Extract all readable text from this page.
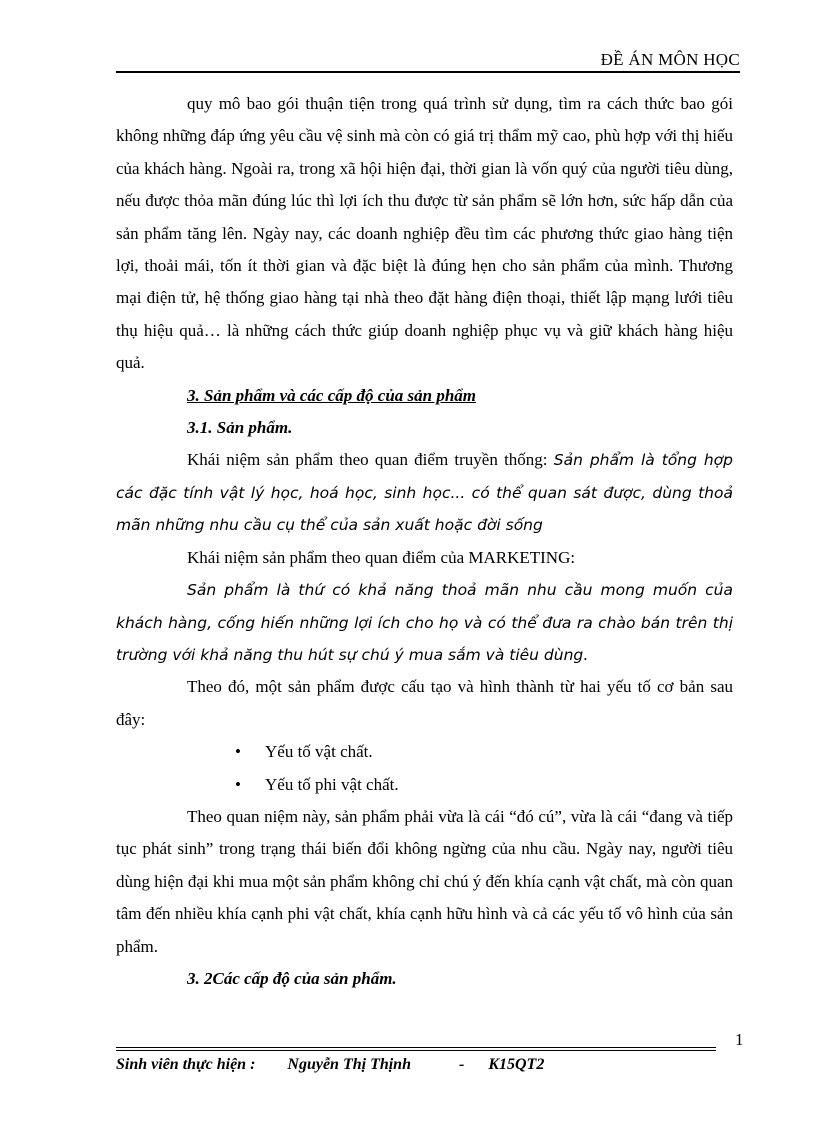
ĐỀ ÁN MÔN HỌC

quy mô bao gói thuận tiện trong quá trình sử dụng, tìm ra cách thức bao gói không những đáp ứng yêu cầu vệ sinh mà còn có giá trị thẩm mỹ cao, phù hợp với thị hiếu của khách hàng. Ngoài ra, trong xã hội hiện đại, thời gian là vốn quý của người tiêu dùng, nếu được thỏa mãn đúng lúc thì lợi ích thu được từ sản phẩm sẽ lớn hơn, sức hấp dẫn của sản phẩm tăng lên. Ngày nay, các doanh nghiệp đều tìm các phương thức giao hàng tiện lợi, thoải mái, tốn ít thời gian và đặc biệt là đúng hẹn cho sản phẩm của mình. Thương mại điện tử, hệ thống giao hàng tại nhà theo đặt hàng điện thoại, thiết lập mạng lưới tiêu thụ hiệu quả… là những cách thức giúp doanh nghiệp phục vụ và giữ khách hàng hiệu quả.

3. Sản phẩm và các cấp độ của sản phẩm

3.1. Sản phẩm.

Khái niệm sản phẩm theo quan điểm truyền thống: Sản phẩm là tổng hợp các đặc tính vật lý học, hoá học, sinh học... có thể quan sát được, dùng thoả mãn những nhu cầu cụ thể của sản xuất hoặc đời sống

Khái niệm sản phẩm theo quan điểm của MARKETING:

Sản phẩm là thứ có khả năng thoả mãn nhu cầu mong muốn của khách hàng, cống hiến những lợi ích cho họ và có thể đưa ra chào bán trên thị trường với khả năng thu hút sự chú ý mua sắm và tiêu dùng.

Theo đó, một sản phẩm được cấu tạo và hình thành từ hai yếu tố cơ bản sau đây:

• Yếu tố vật chất.
• Yếu tố phi vật chất.

Theo quan niệm này, sản phẩm phải vừa là cái “đó cú”, vừa là cái “đang và tiếp tục phát sinh” trong trạng thái biến đổi không ngừng của nhu cầu. Ngày nay, người tiêu dùng hiện đại khi mua một sản phẩm không chỉ chú ý đến khía cạnh vật chất, mà còn quan tâm đến nhiều khía cạnh phi vật chất, khía cạnh hữu hình và cả các yếu tố vô hình của sản phẩm.

3. 2Các cấp độ của sản phẩm.

1
Sinh viên thực hiện : Nguyễn Thị Thịnh	- K15QT2
